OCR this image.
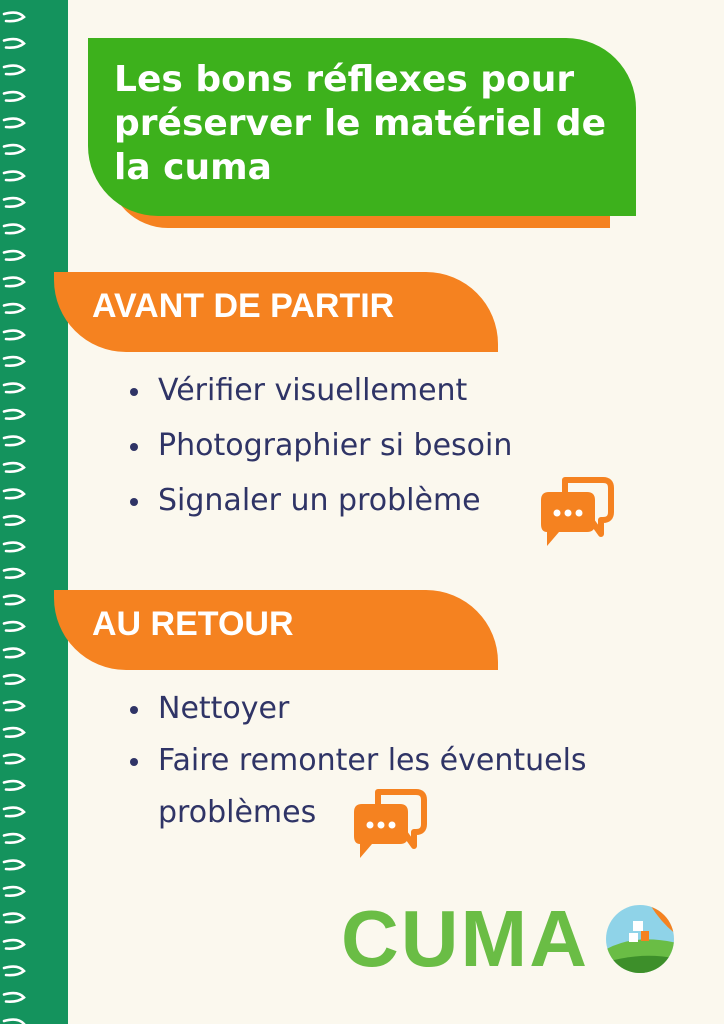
Les bons réflexes pour préserver le matériel de la cuma
AVANT DE PARTIR
Vérifier visuellement
Photographier si besoin
Signaler un problème
AU RETOUR
Nettoyer
Faire remonter les éventuels problèmes
CUMA
